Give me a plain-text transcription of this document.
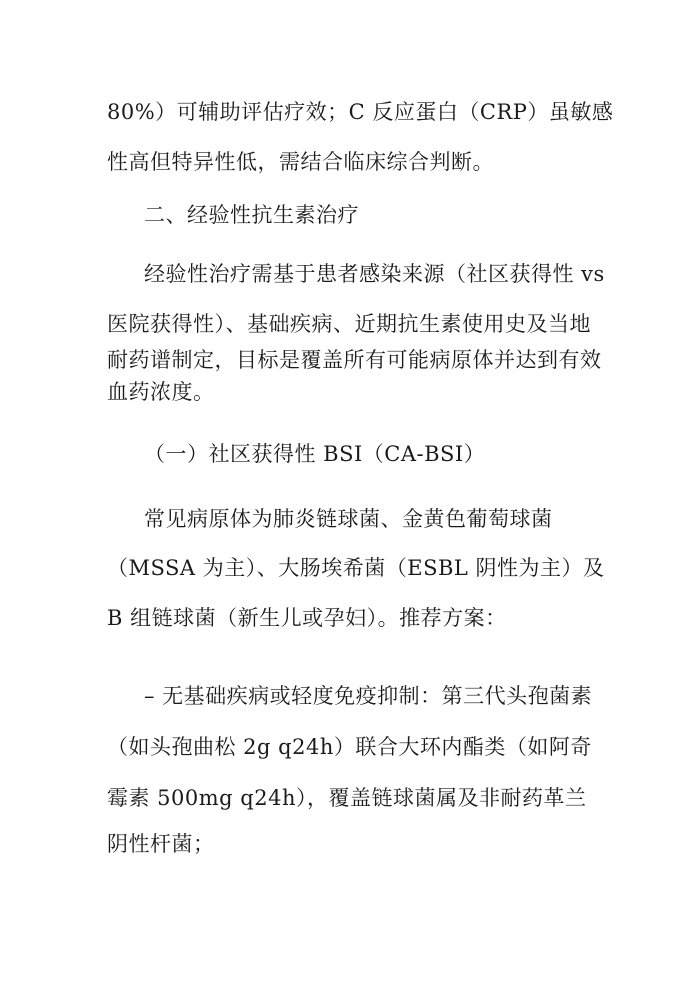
80%）可辅助评估疗效；C 反应蛋白（CRP）虽敏感
性高但特异性低，需结合临床综合判断。
二、经验性抗生素治疗
经验性治疗需基于患者感染来源（社区获得性 vs
医院获得性）、基础疾病、近期抗生素使用史及当地
耐药谱制定，目标是覆盖所有可能病原体并达到有效
血药浓度。
（一）社区获得性 BSI（CA-BSI）
常见病原体为肺炎链球菌、金黄色葡萄球菌
（MSSA 为主）、大肠埃希菌（ESBL 阴性为主）及
B 组链球菌（新生儿或孕妇）。推荐方案：
– 无基础疾病或轻度免疫抑制：第三代头孢菌素
（如头孢曲松 2g q24h）联合大环内酯类（如阿奇
霉素 500mg q24h），覆盖链球菌属及非耐药革兰
阴性杆菌；
